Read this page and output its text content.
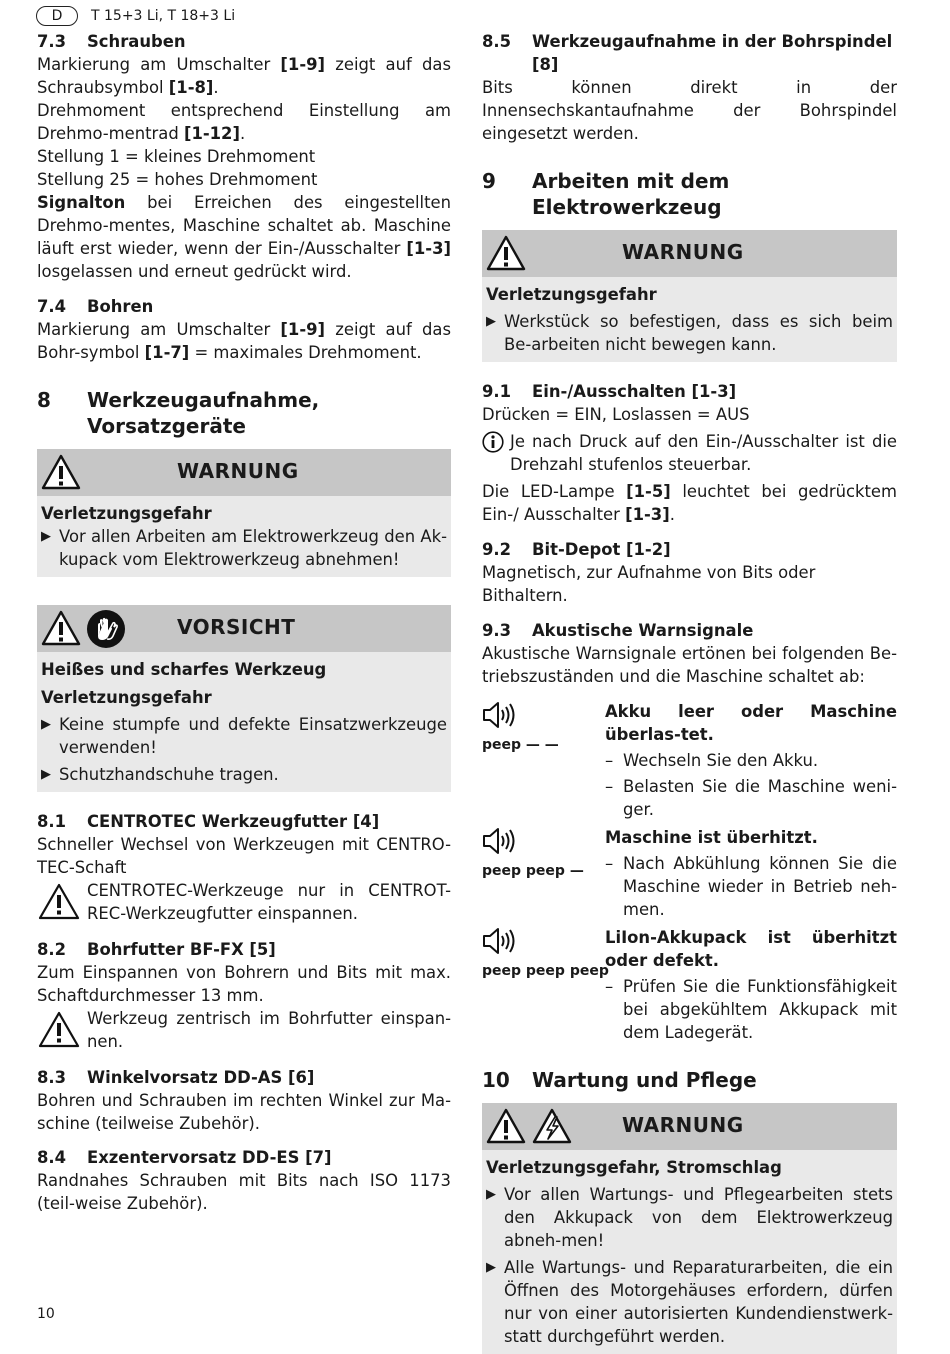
D	T 15+3 Li, T 18+3 Li
7.3	Schrauben

Markierung am Umschalter [1-9] zeigt auf das Schraubsymbol [1-8].

Drehmoment entsprechend Einstellung am Drehmo-mentrad [1-12].

Stellung 1 = kleines Drehmoment

Stellung 25 = hohes Drehmoment

Signalton bei Erreichen des eingestellten Drehmo-mentes, Maschine schaltet ab. Maschine läuft erst wieder, wenn der Ein-/Ausschalter [1-3] losgelassen und erneut gedrückt wird.

7.4	Bohren

Markierung am Umschalter [1-9] zeigt auf das Bohr-symbol [1-7] = maximales Drehmoment.

8	Werkzeugaufnahme, Vorsatzgeräte
WARNUNG

Verletzungsgefahr

▶ Vor allen Arbeiten am Elektrowerkzeug den Ak-kupack vom Elektrowerkzeug abnehmen!
VORSICHT

Heißes und scharfes Werkzeug

Verletzungsgefahr

▶ Keine stumpfe und defekte Einsatzwerkzeuge verwenden!
▶ Schutzhandschuhe tragen.
8.1	CENTROTEC Werkzeugfutter [4]

Schneller Wechsel von Werkzeugen mit CENTRO-TEC-Schaft

CENTROTEC-Werkzeuge nur in CENTROT-REC-Werkzeugfutter einspannen.
8.2	Bohrfutter BF-FX [5]

Zum Einspannen von Bohrern und Bits mit max. Schaftdurchmesser 13 mm.

Werkzeug zentrisch im Bohrfutter einspan-nen.
8.3	Winkelvorsatz DD-AS [6]

Bohren und Schrauben im rechten Winkel zur Ma-schine (teilweise Zubehör).

8.4	Exzentervorsatz DD-ES [7]

Randnahes Schrauben mit Bits nach ISO 1173 (teil-weise Zubehör).

8.5	Werkzeugaufnahme in der Bohrspindel [8]

Bits können direkt in der Innensechskantaufnahme der Bohrspindel eingesetzt werden.

9	Arbeiten mit dem Elektrowerkzeug
WARNUNG

Verletzungsgefahr

▶ Werkstück so befestigen, dass es sich beim Be-arbeiten nicht bewegen kann.
9.1	Ein-/Ausschalten [1-3]

Drücken = EIN, Loslassen = AUS

Je nach Druck auf den Ein-/Ausschalter ist die Drehzahl stufenlos steuerbar.

Die LED-Lampe [1-5] leuchtet bei gedrücktem Ein-/ Ausschalter [1-3].

9.2	Bit-Depot [1-2]

Magnetisch, zur Aufnahme von Bits oder Bithaltern.

9.3	Akustische Warnsignale

Akustische Warnsignale ertönen bei folgenden Be-triebszuständen und die Maschine schaltet ab:

peep — —

Akku leer oder Maschine überlas-tet.

– Wechseln Sie den Akku.
– Belasten Sie die Maschine weni-ger.
peep peep —

Maschine ist überhitzt.

– Nach Abkühlung können Sie die Maschine wieder in Betrieb neh-men.
peep peep peep

LiIon-Akkupack ist überhitzt oder defekt.

– Prüfen Sie die Funktionsfähigkeit bei abgekühltem Akkupack mit dem Ladegerät.
10	Wartung und Pflege
WARNUNG

Verletzungsgefahr, Stromschlag

▶ Vor allen Wartungs- und Pflegearbeiten stets den Akkupack von dem Elektrowerkzeug abneh-men!
▶ Alle Wartungs- und Reparaturarbeiten, die ein Öffnen des Motorgehäuses erfordern, dürfen nur von einer autorisierten Kundendienstwerk-statt durchgeführt werden.
10
